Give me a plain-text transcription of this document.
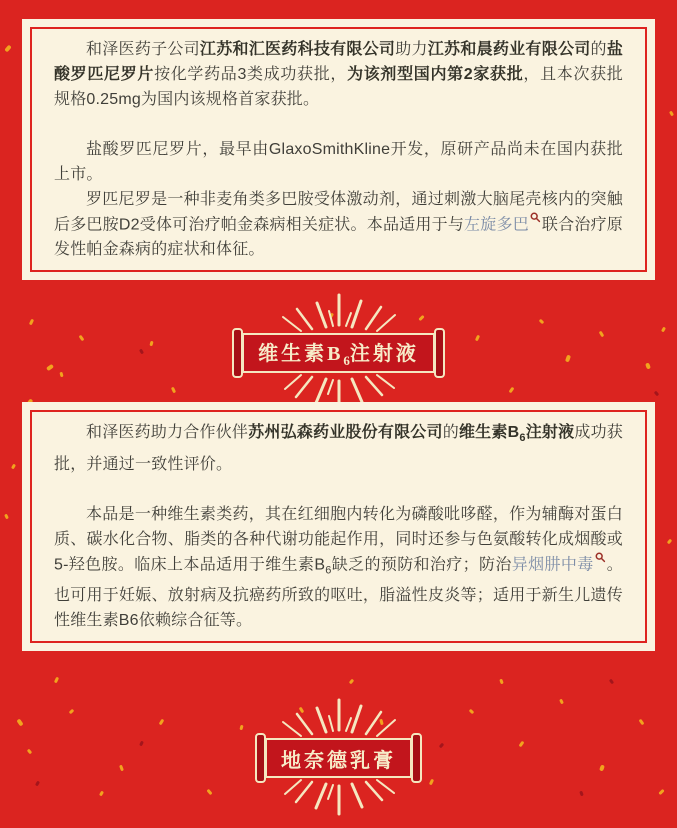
和泽医药子公司江苏和汇医药科技有限公司助力江苏和晨药业有限公司的盐酸罗匹尼罗片按化学药品3类成功获批，为该剂型国内第2家获批，且本次获批规格0.25mg为国内该规格首家获批。

盐酸罗匹尼罗片，最早由GlaxoSmithKline开发，原研产品尚未在国内获批上市。

罗匹尼罗是一种非麦角类多巴胺受体激动剂，通过刺激大脑尾壳核内的突触后多巴胺D2受体可治疗帕金森病相关症状。本品适用于与左旋多巴 联合治疗原发性帕金森病的症状和体征。

维生素$B_6$注射液

和泽医药助力合作伙伴苏州弘森药业股份有限公司的维生素$B_6$注射液成功获批，并通过一致性评价。

本品是一种维生素类药，其在红细胞内转化为磷酸吡哆醛，作为辅酶对蛋白质、碳水化合物、脂类的各种代谢功能起作用，同时还参与色氨酸转化成烟酸或5-羟色胺。临床上本品适用于维生素$B_6$缺乏的预防和治疗；防治异烟肼中毒 。也可用于妊娠、放射病及抗癌药所致的呕吐，脂溢性皮炎等；适用于新生儿遗传性维生素B6依赖综合征等。

地奈德乳膏
